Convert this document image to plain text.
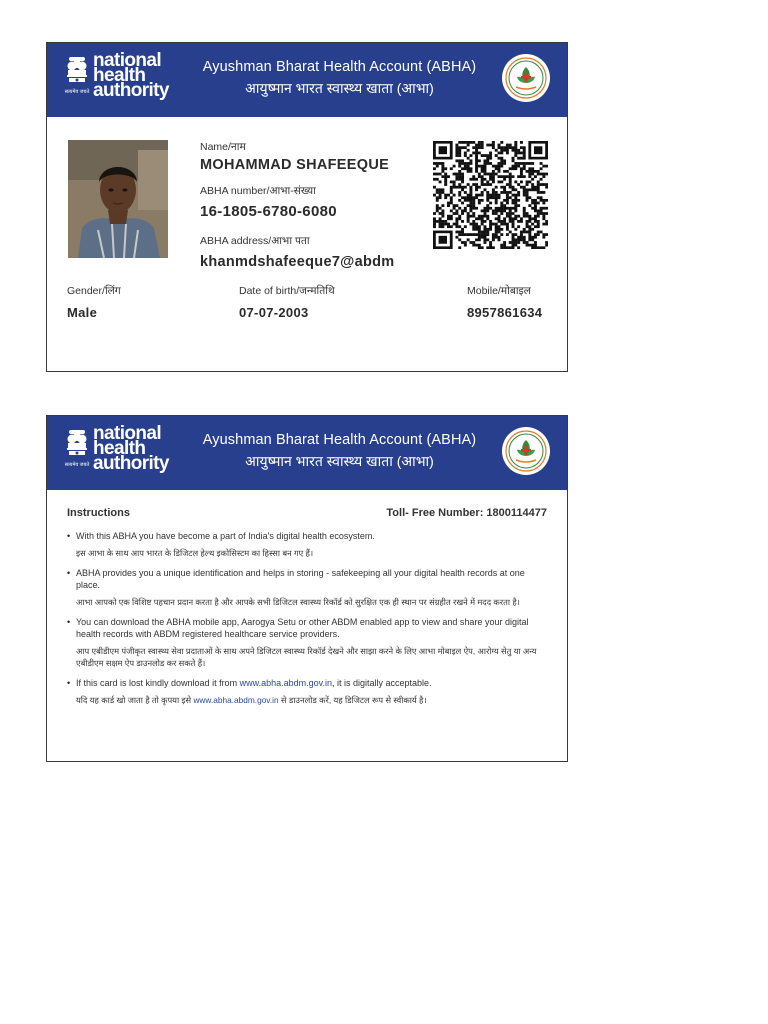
सत्यमेव जयते
national
health
authority
Ayushman Bharat Health Account (ABHA)
आयुष्मान भारत स्वास्थ्य खाता (आभा)
Name/नाम
MOHAMMAD SHAFEEQUE
ABHA number/आभा-संख्या
16-1805-6780-6080
ABHA address/आभा पता
khanmdshafeeque7@abdm
Gender/लिंग
Male
Date of birth/जन्मतिथि
07-07-2003
Mobile/मोबाइल
8957861634
सत्यमेव जयते
national
health
authority
Ayushman Bharat Health Account (ABHA)
आयुष्मान भारत स्वास्थ्य खाता (आभा)
Instructions	Toll- Free Number: 1800114477
• With this ABHA you have become a part of India's digital health ecosystem.
इस आभा के साथ आप भारत के डिजिटल हेल्थ इकोसिस्टम का हिस्सा बन गए हैं।
• ABHA provides you a unique identification and helps in storing - safekeeping all your digital health records at one place.
आभा आपको एक विशिष्ट पहचान प्रदान करता है और आपके सभी डिजिटल स्वास्थ्य रिकॉर्ड को सुरक्षित एक ही स्थान पर संग्रहीत रखने में मदद करता है।
• You can download the ABHA mobile app, Aarogya Setu or other ABDM enabled app to view and share your digital health records with ABDM registered healthcare service providers.
आप एबीडीएम पंजीकृत स्वास्थ्य सेवा प्रदाताओं के साथ अपने डिजिटल स्वास्थ्य रिकॉर्ड देखने और साझा करने के लिए आभा मोबाइल ऐप, आरोग्य सेतु या अन्य एबीडीएम सक्षम ऐप डाउनलोड कर सकते हैं।
• If this card is lost kindly download it from www.abha.abdm.gov.in, it is digitally acceptable.
यदि यह कार्ड खो जाता है तो कृपया इसे www.abha.abdm.gov.in से डाउनलोड करें, यह डिजिटल रूप से स्वीकार्य है।
